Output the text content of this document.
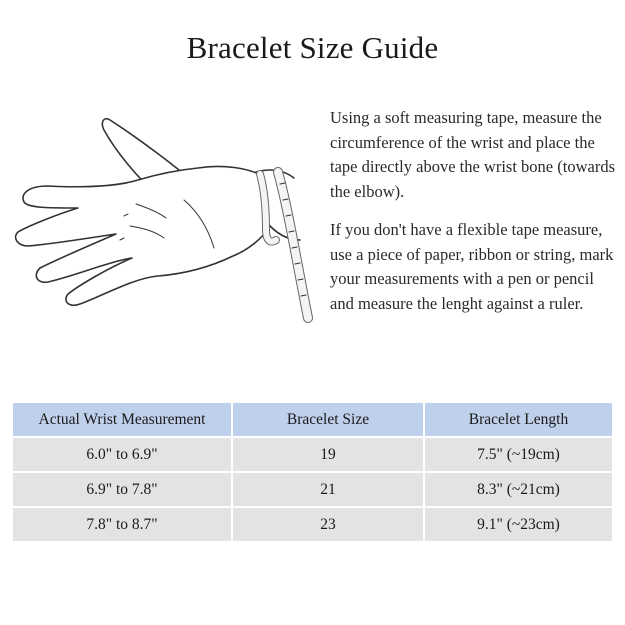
Bracelet Size Guide

Using a soft measuring tape, measure the circumference of the wrist and place the tape directly above the wrist bone (towards the elbow).

If you don't have a flexible tape measure, use a piece of paper, ribbon or string, mark your measurements with a pen or pencil and measure the lenght against a ruler.

Actual Wrist Measurement	Bracelet Size	Bracelet Length
6.0" to 6.9"	19	7.5" (~19cm)
6.9" to 7.8"	21	8.3" (~21cm)
7.8" to 8.7"	23	9.1" (~23cm)
